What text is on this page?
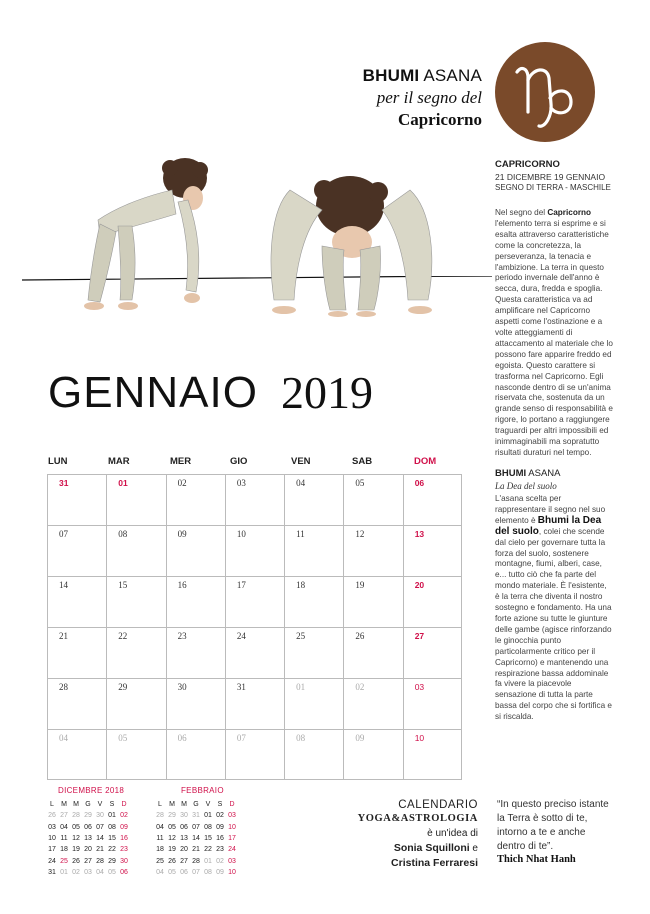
BHUMI ASANA
per il segno del
Capricorno
CAPRICORNO
21 DICEMBRE 19 GENNAIO
SEGNO DI TERRA - MASCHILE
Nel segno del Capricorno l'elemento terra si esprime e si esalta attraverso caratteristiche come la concretezza, la perseveranza, la tenacia e l'ambizione. La terra in questo periodo invernale dell'anno è secca, dura, fredda e spoglia. Questa caratteristica va ad amplificare nel Capricorno aspetti come l'ostinazione e a volte atteggiamenti di attaccamento al materiale che lo possono fare apparire freddo ed egoista. Questo carattere si trasforma nel Capricorno. Egli nasconde dentro di se un'anima riservata che, sostenuta da un grande senso di responsabilità e rigore, lo portano a raggiungere traguardi per altri impossibili ed inimmaginabili ma sopratutto risultati duraturi nel tempo.
BHUMI ASANA
La Dea del suolo
L'asana scelta per rappresentare il segno nel suo elemento è Bhumi la Dea del suolo, colei che scende dal cielo per governare tutta la forza del suolo, sostenere montagne, fiumi, alberi, case, e... tutto ciò che fa parte del mondo materiale. È l'esistente, è la terra che diventa il nostro sostegno e fondamento. Ha una forte azione su tutte le giunture delle gambe (agisce rinforzando le ginocchia punto particolarmente critico per il Capricorno) e mantenendo una respirazione bassa addominale fa vivere la piacevole sensazione di tutta la parte bassa del corpo che si fortifica e si riscalda.
GENNAIO 2019
LUN	MAR	MER	GIO	VEN	SAB	DOM
31	01	02	03	04	05	06
07	08	09	10	11	12	13
14	15	16	17	18	19	20
21	22	23	24	25	26	27
28	29	30	31	01	02	03
04	05	06	07	08	09	10
DICEMBRE 2018
L	M	M	G	V	S	D
26	27	28	29	30	01	02
03	04	05	06	07	08	09
10	11	12	13	14	15	16
17	18	19	20	21	22	23
24	25	26	27	28	29	30
31	01	02	03	04	05	06
FEBBRAIO
L	M	M	G	V	S	D
28	29	30	31	01	02	03
04	05	06	07	08	09	10
11	12	13	14	15	16	17
18	19	20	21	22	23	24
25	26	27	28	01	02	03
04	05	06	07	08	09	10
CALENDARIO
YOGA&ASTROLOGIA
è un'idea di
Sonia Squilloni e
Cristina Ferraresi
“In questo preciso istante la Terra è sotto di te, intorno a te e anche dentro di te”.
Thich Nhat Hanh
